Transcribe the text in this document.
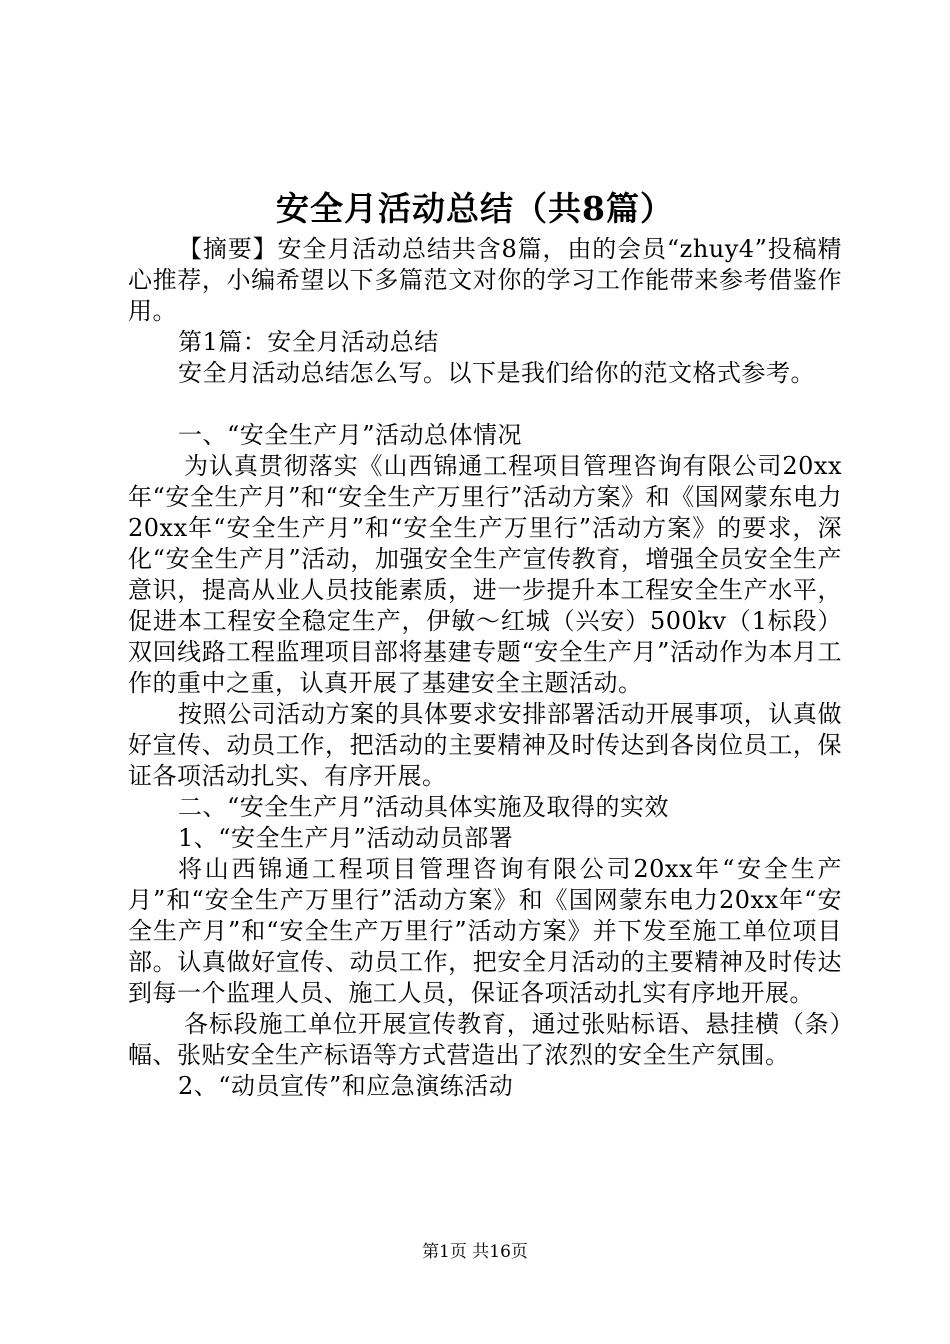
安全月活动总结（共8篇）

【摘要】安全月活动总结共含8篇，由的会员“zhuy4”投稿精心推荐，小编希望以下多篇范文对你的学习工作能带来参考借鉴作用。

第1篇：安全月活动总结

安全月活动总结怎么写。以下是我们给你的范文格式参考。

一、“安全生产月”活动总体情况

为认真贯彻落实《山西锦通工程项目管理咨询有限公司20xx年“安全生产月”和“安全生产万里行”活动方案》和《国网蒙东电力20xx年“安全生产月”和“安全生产万里行”活动方案》的要求，深化“安全生产月”活动，加强安全生产宣传教育，增强全员安全生产意识，提高从业人员技能素质，进一步提升本工程安全生产水平，促进本工程安全稳定生产，伊敏～红城（兴安）500kv（1标段）双回线路工程监理项目部将基建专题“安全生产月”活动作为本月工作的重中之重，认真开展了基建安全主题活动。

按照公司活动方案的具体要求安排部署活动开展事项，认真做好宣传、动员工作，把活动的主要精神及时传达到各岗位员工，保证各项活动扎实、有序开展。

二、“安全生产月”活动具体实施及取得的实效

1、“安全生产月”活动动员部署

将山西锦通工程项目管理咨询有限公司20xx年“安全生产月”和“安全生产万里行”活动方案》和《国网蒙东电力20xx年“安全生产月”和“安全生产万里行”活动方案》并下发至施工单位项目部。认真做好宣传、动员工作，把安全月活动的主要精神及时传达到每一个监理人员、施工人员，保证各项活动扎实有序地开展。

各标段施工单位开展宣传教育，通过张贴标语、悬挂横（条）幅、张贴安全生产标语等方式营造出了浓烈的安全生产氛围。

2、“动员宣传”和应急演练活动

第1页 共16页
